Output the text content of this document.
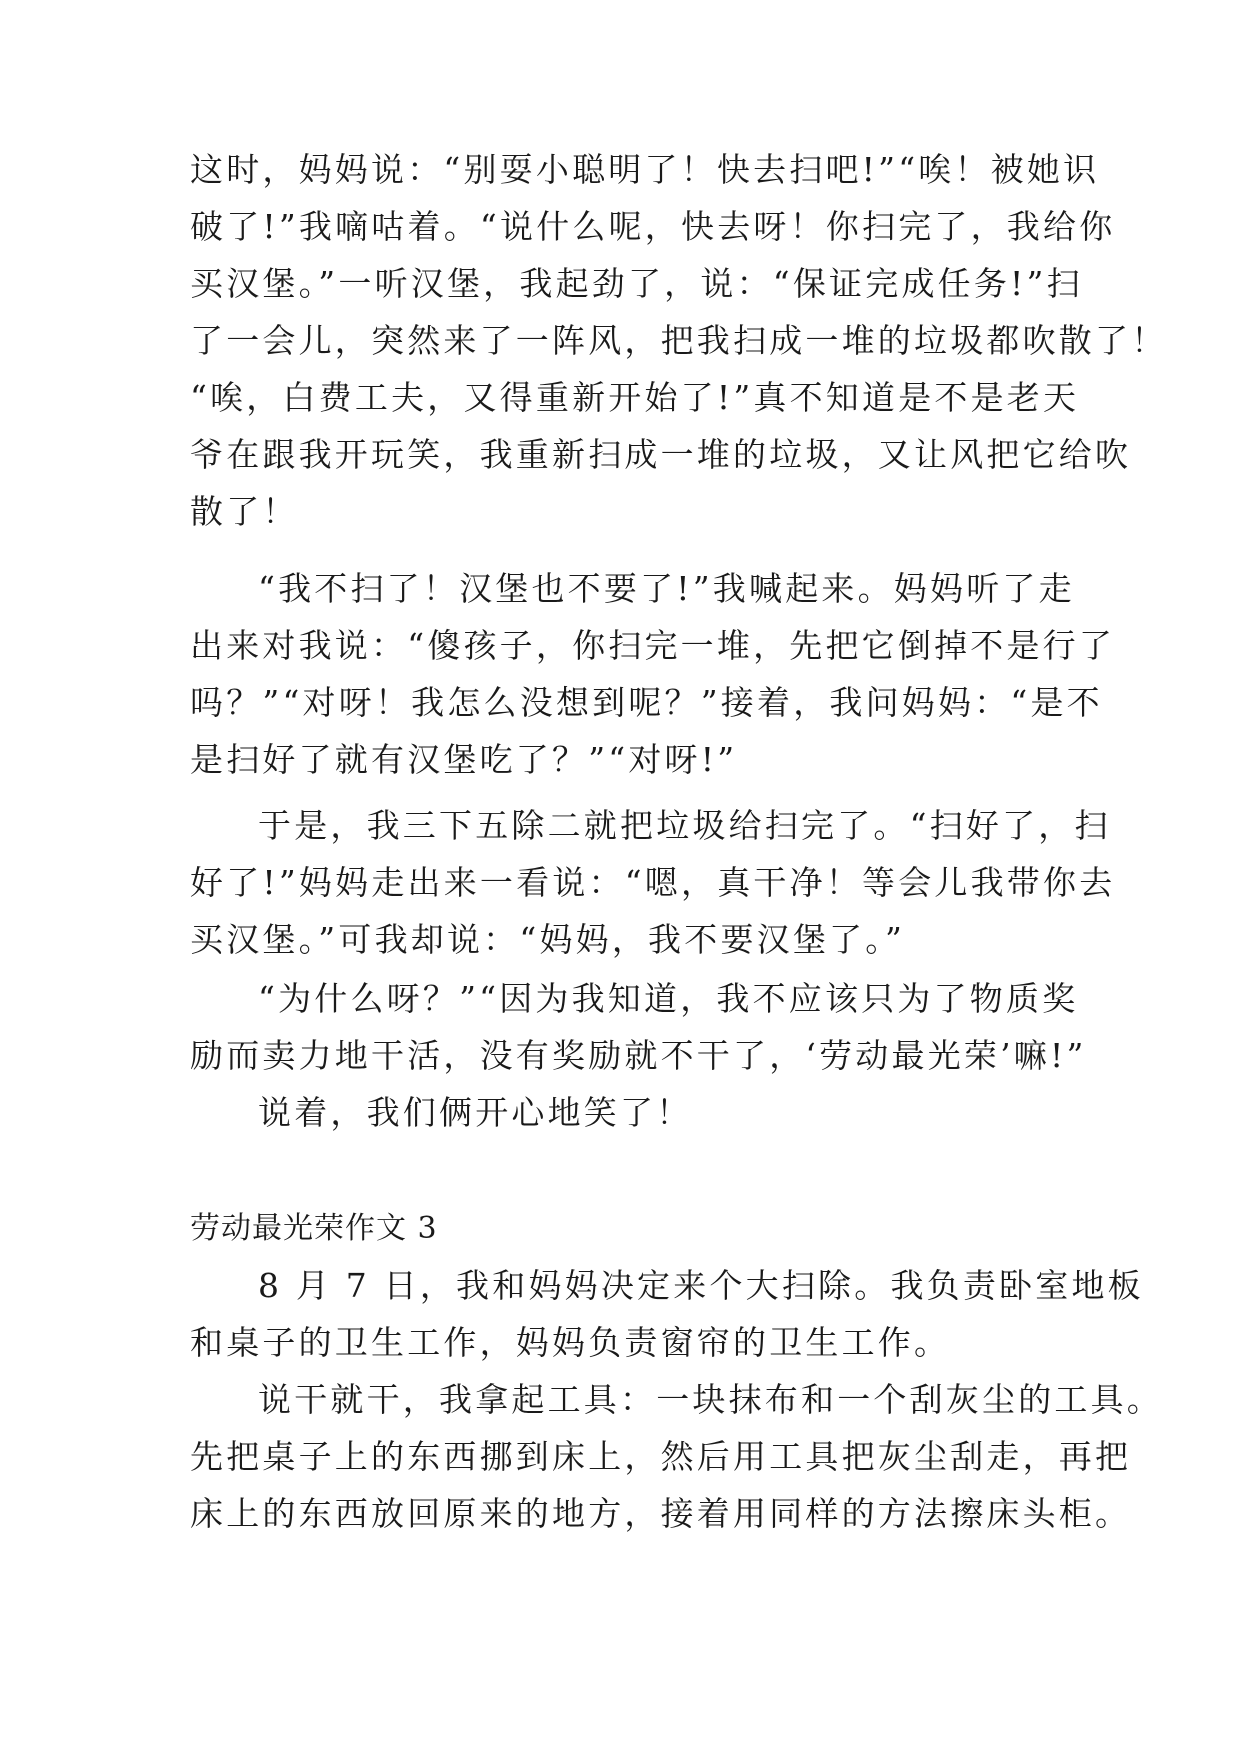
这时，妈妈说：“别耍小聪明了！快去扫吧!”“唉！被她识
破了!”我嘀咕着。“说什么呢，快去呀！你扫完了，我给你
买汉堡。”一听汉堡，我起劲了，说：“保证完成任务!”扫
了一会儿，突然来了一阵风，把我扫成一堆的垃圾都吹散了！
“唉，白费工夫，又得重新开始了!”真不知道是不是老天
爷在跟我开玩笑，我重新扫成一堆的垃圾，又让风把它给吹
散了！
“我不扫了！汉堡也不要了!”我喊起来。妈妈听了走
出来对我说：“傻孩子，你扫完一堆，先把它倒掉不是行了
吗？”“对呀！我怎么没想到呢？”接着，我问妈妈：“是不
是扫好了就有汉堡吃了？”“对呀!”
于是，我三下五除二就把垃圾给扫完了。“扫好了，扫
好了!”妈妈走出来一看说：“嗯，真干净！等会儿我带你去
买汉堡。”可我却说：“妈妈，我不要汉堡了。”
“为什么呀？”“因为我知道，我不应该只为了物质奖
励而卖力地干活，没有奖励就不干了，‘劳动最光荣’嘛!”
说着，我们俩开心地笑了！
劳动最光荣作文 3
8 月 7 日，我和妈妈决定来个大扫除。我负责卧室地板
和桌子的卫生工作，妈妈负责窗帘的卫生工作。
说干就干，我拿起工具：一块抹布和一个刮灰尘的工具。
先把桌子上的东西挪到床上，然后用工具把灰尘刮走，再把
床上的东西放回原来的地方，接着用同样的方法擦床头柜。
